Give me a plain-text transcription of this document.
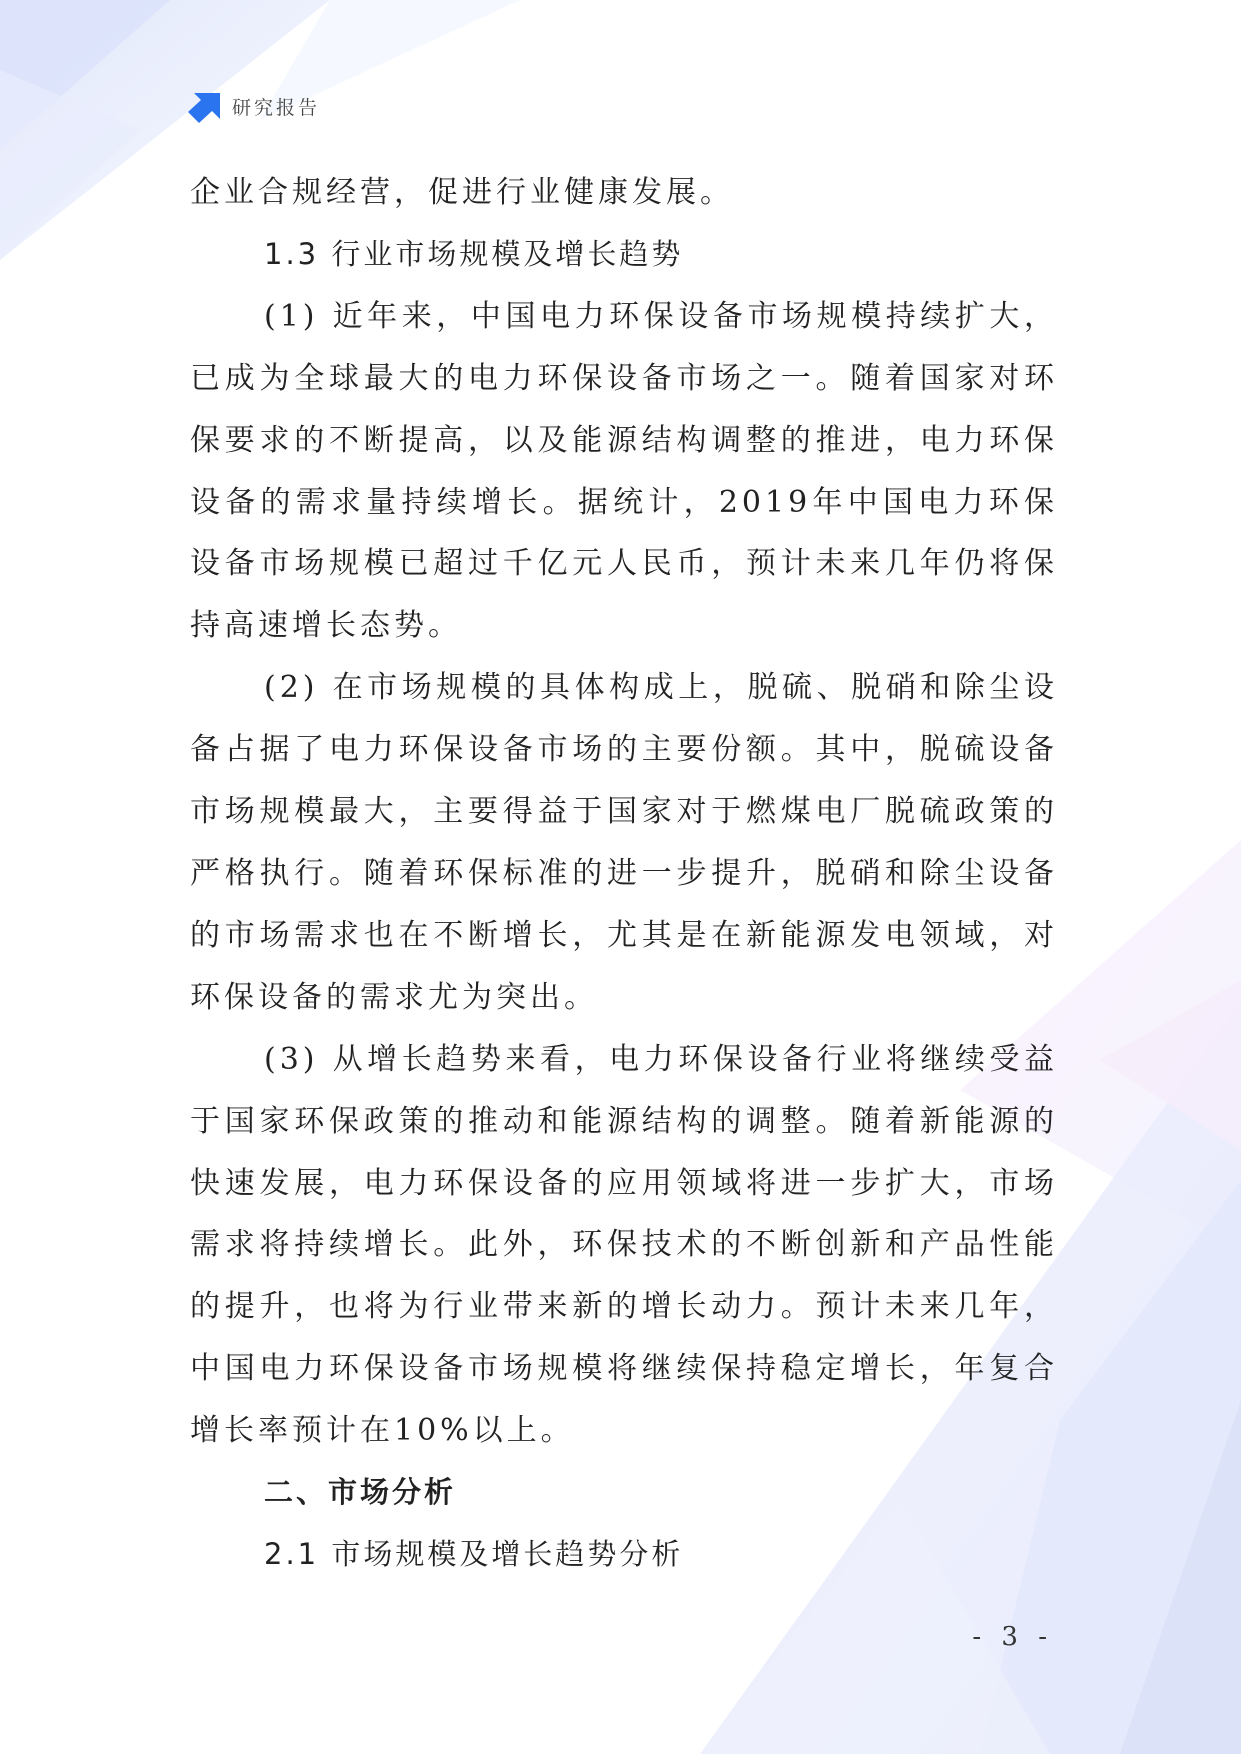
研究报告

企业合规经营，促进行业健康发展。

1.3 行业市场规模及增长趋势

(1) 近年来，中国电力环保设备市场规模持续扩大，已成为全球最大的电力环保设备市场之一。随着国家对环保要求的不断提高，以及能源结构调整的推进，电力环保设备的需求量持续增长。据统计，2019年中国电力环保设备市场规模已超过千亿元人民币，预计未来几年仍将保持高速增长态势。

(2) 在市场规模的具体构成上，脱硫、脱硝和除尘设备占据了电力环保设备市场的主要份额。其中，脱硫设备市场规模最大，主要得益于国家对于燃煤电厂脱硫政策的严格执行。随着环保标准的进一步提升，脱硝和除尘设备的市场需求也在不断增长，尤其是在新能源发电领域，对环保设备的需求尤为突出。

(3) 从增长趋势来看，电力环保设备行业将继续受益于国家环保政策的推动和能源结构的调整。随着新能源的快速发展，电力环保设备的应用领域将进一步扩大，市场需求将持续增长。此外，环保技术的不断创新和产品性能的提升，也将为行业带来新的增长动力。预计未来几年，中国电力环保设备市场规模将继续保持稳定增长，年复合增长率预计在10%以上。

二、市场分析

2.1 市场规模及增长趋势分析

- 3 -
